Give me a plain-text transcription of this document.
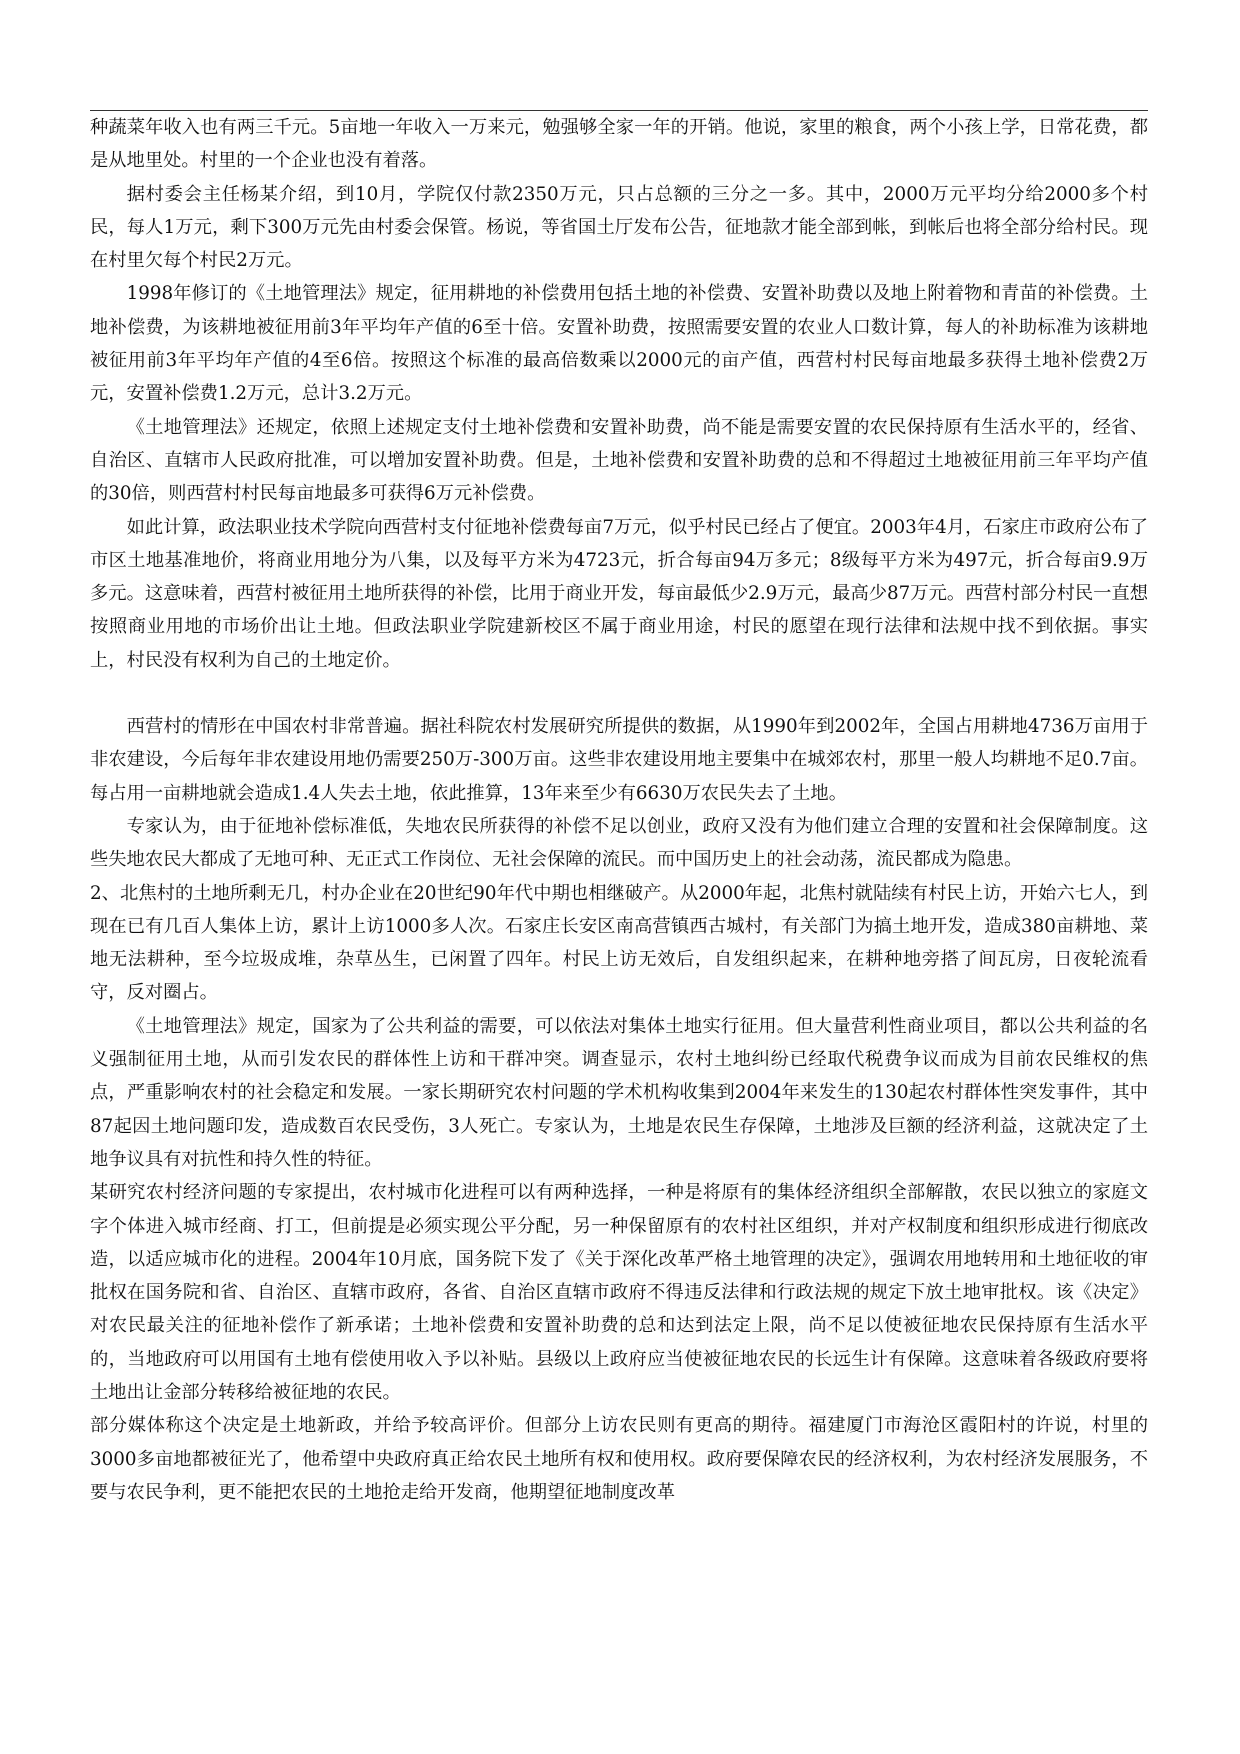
种蔬菜年收入也有两三千元。5亩地一年收入一万来元，勉强够全家一年的开销。他说，家里的粮食，两个小孩上学，日常花费，都是从地里处。村里的一个企业也没有着落。

据村委会主任杨某介绍，到10月，学院仅付款2350万元，只占总额的三分之一多。其中，2000万元平均分给2000多个村民，每人1万元，剩下300万元先由村委会保管。杨说，等省国土厅发布公告，征地款才能全部到帐，到帐后也将全部分给村民。现在村里欠每个村民2万元。

1998年修订的《土地管理法》规定，征用耕地的补偿费用包括土地的补偿费、安置补助费以及地上附着物和青苗的补偿费。土地补偿费，为该耕地被征用前3年平均年产值的6至十倍。安置补助费，按照需要安置的农业人口数计算，每人的补助标准为该耕地被征用前3年平均年产值的4至6倍。按照这个标准的最高倍数乘以2000元的亩产值，西营村村民每亩地最多获得土地补偿费2万元，安置补偿费1.2万元，总计3.2万元。

《土地管理法》还规定，依照上述规定支付土地补偿费和安置补助费，尚不能是需要安置的农民保持原有生活水平的，经省、自治区、直辖市人民政府批准，可以增加安置补助费。但是，土地补偿费和安置补助费的总和不得超过土地被征用前三年平均产值的30倍，则西营村村民每亩地最多可获得6万元补偿费。

如此计算，政法职业技术学院向西营村支付征地补偿费每亩7万元，似乎村民已经占了便宜。2003年4月，石家庄市政府公布了市区土地基准地价，将商业用地分为八集，以及每平方米为4723元，折合每亩94万多元；8级每平方米为497元，折合每亩9.9万多元。这意味着，西营村被征用土地所获得的补偿，比用于商业开发，每亩最低少2.9万元，最高少87万元。西营村部分村民一直想按照商业用地的市场价出让土地。但政法职业学院建新校区不属于商业用途，村民的愿望在现行法律和法规中找不到依据。事实上，村民没有权利为自己的土地定价。

西营村的情形在中国农村非常普遍。据社科院农村发展研究所提供的数据，从1990年到2002年，全国占用耕地4736万亩用于非农建设，今后每年非农建设用地仍需要250万-300万亩。这些非农建设用地主要集中在城郊农村，那里一般人均耕地不足0.7亩。每占用一亩耕地就会造成1.4人失去土地，依此推算，13年来至少有6630万农民失去了土地。

专家认为，由于征地补偿标准低，失地农民所获得的补偿不足以创业，政府又没有为他们建立合理的安置和社会保障制度。这些失地农民大都成了无地可种、无正式工作岗位、无社会保障的流民。而中国历史上的社会动荡，流民都成为隐患。

2、北焦村的土地所剩无几，村办企业在20世纪90年代中期也相继破产。从2000年起，北焦村就陆续有村民上访，开始六七人，到现在已有几百人集体上访，累计上访1000多人次。石家庄长安区南高营镇西古城村，有关部门为搞土地开发，造成380亩耕地、菜地无法耕种，至今垃圾成堆，杂草丛生，已闲置了四年。村民上访无效后，自发组织起来，在耕种地旁搭了间瓦房，日夜轮流看守，反对圈占。

《土地管理法》规定，国家为了公共利益的需要，可以依法对集体土地实行征用。但大量营利性商业项目，都以公共利益的名义强制征用土地，从而引发农民的群体性上访和干群冲突。调查显示，农村土地纠纷已经取代税费争议而成为目前农民维权的焦点，严重影响农村的社会稳定和发展。一家长期研究农村问题的学术机构收集到2004年来发生的130起农村群体性突发事件，其中87起因土地问题印发，造成数百农民受伤，3人死亡。专家认为，土地是农民生存保障，土地涉及巨额的经济利益，这就决定了土地争议具有对抗性和持久性的特征。

某研究农村经济问题的专家提出，农村城市化进程可以有两种选择，一种是将原有的集体经济组织全部解散，农民以独立的家庭文字个体进入城市经商、打工，但前提是必须实现公平分配，另一种保留原有的农村社区组织，并对产权制度和组织形成进行彻底改造，以适应城市化的进程。2004年10月底，国务院下发了《关于深化改革严格土地管理的决定》，强调农用地转用和土地征收的审批权在国务院和省、自治区、直辖市政府，各省、自治区直辖市政府不得违反法律和行政法规的规定下放土地审批权。该《决定》对农民最关注的征地补偿作了新承诺；土地补偿费和安置补助费的总和达到法定上限，尚不足以使被征地农民保持原有生活水平的，当地政府可以用国有土地有偿使用收入予以补贴。县级以上政府应当使被征地农民的长远生计有保障。这意味着各级政府要将土地出让金部分转移给被征地的农民。

部分媒体称这个决定是土地新政，并给予较高评价。但部分上访农民则有更高的期待。福建厦门市海沧区霞阳村的许说，村里的3000多亩地都被征光了，他希望中央政府真正给农民土地所有权和使用权。政府要保障农民的经济权利，为农村经济发展服务，不要与农民争利，更不能把农民的土地抢走给开发商，他期望征地制度改革
